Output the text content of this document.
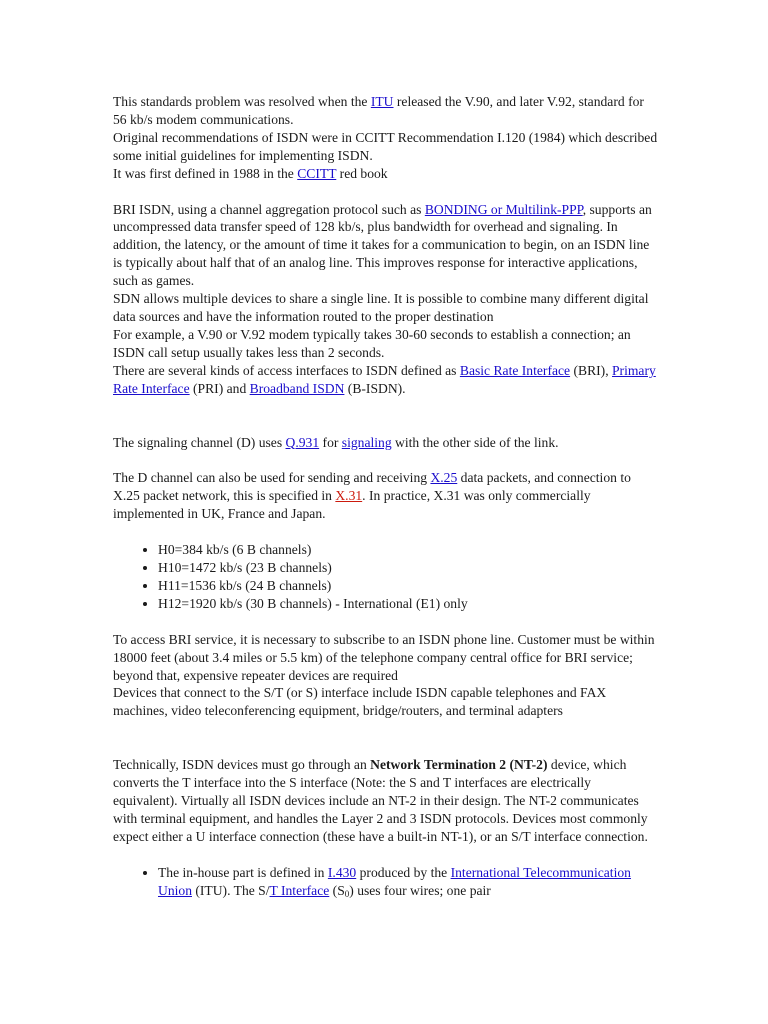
This standards problem was resolved when the ITU released the V.90, and later V.92, standard for 56 kb/s modem communications.

Original recommendations of ISDN were in CCITT Recommendation I.120 (1984) which described some initial guidelines for implementing ISDN.

It was first defined in 1988 in the CCITT red book

BRI ISDN, using a channel aggregation protocol such as BONDING or Multilink-PPP, supports an uncompressed data transfer speed of 128 kb/s, plus bandwidth for overhead and signaling. In addition, the latency, or the amount of time it takes for a communication to begin, on an ISDN line is typically about half that of an analog line. This improves response for interactive applications, such as games.

SDN allows multiple devices to share a single line. It is possible to combine many different digital data sources and have the information routed to the proper destination

For example, a V.90 or V.92 modem typically takes 30-60 seconds to establish a connection; an ISDN call setup usually takes less than 2 seconds.

There are several kinds of access interfaces to ISDN defined as Basic Rate Interface (BRI), Primary Rate Interface (PRI) and Broadband ISDN (B-ISDN).

The signaling channel (D) uses Q.931 for signaling with the other side of the link.

The D channel can also be used for sending and receiving X.25 data packets, and connection to X.25 packet network, this is specified in X.31. In practice, X.31 was only commercially implemented in UK, France and Japan.

• H0=384 kb/s (6 B channels)
• H10=1472 kb/s (23 B channels)
• H11=1536 kb/s (24 B channels)
• H12=1920 kb/s (30 B channels) - International (E1) only

To access BRI service, it is necessary to subscribe to an ISDN phone line. Customer must be within 18000 feet (about 3.4 miles or 5.5 km) of the telephone company central office for BRI service; beyond that, expensive repeater devices are required

Devices that connect to the S/T (or S) interface include ISDN capable telephones and FAX machines, video teleconferencing equipment, bridge/routers, and terminal adapters

Technically, ISDN devices must go through an Network Termination 2 (NT-2) device, which converts the T interface into the S interface (Note: the S and T interfaces are electrically equivalent). Virtually all ISDN devices include an NT-2 in their design. The NT-2 communicates with terminal equipment, and handles the Layer 2 and 3 ISDN protocols. Devices most commonly expect either a U interface connection (these have a built-in NT-1), or an S/T interface connection.

• The in-house part is defined in I.430 produced by the International Telecommunication Union (ITU). The S/T Interface $(S_0)$ uses four wires; one pair
